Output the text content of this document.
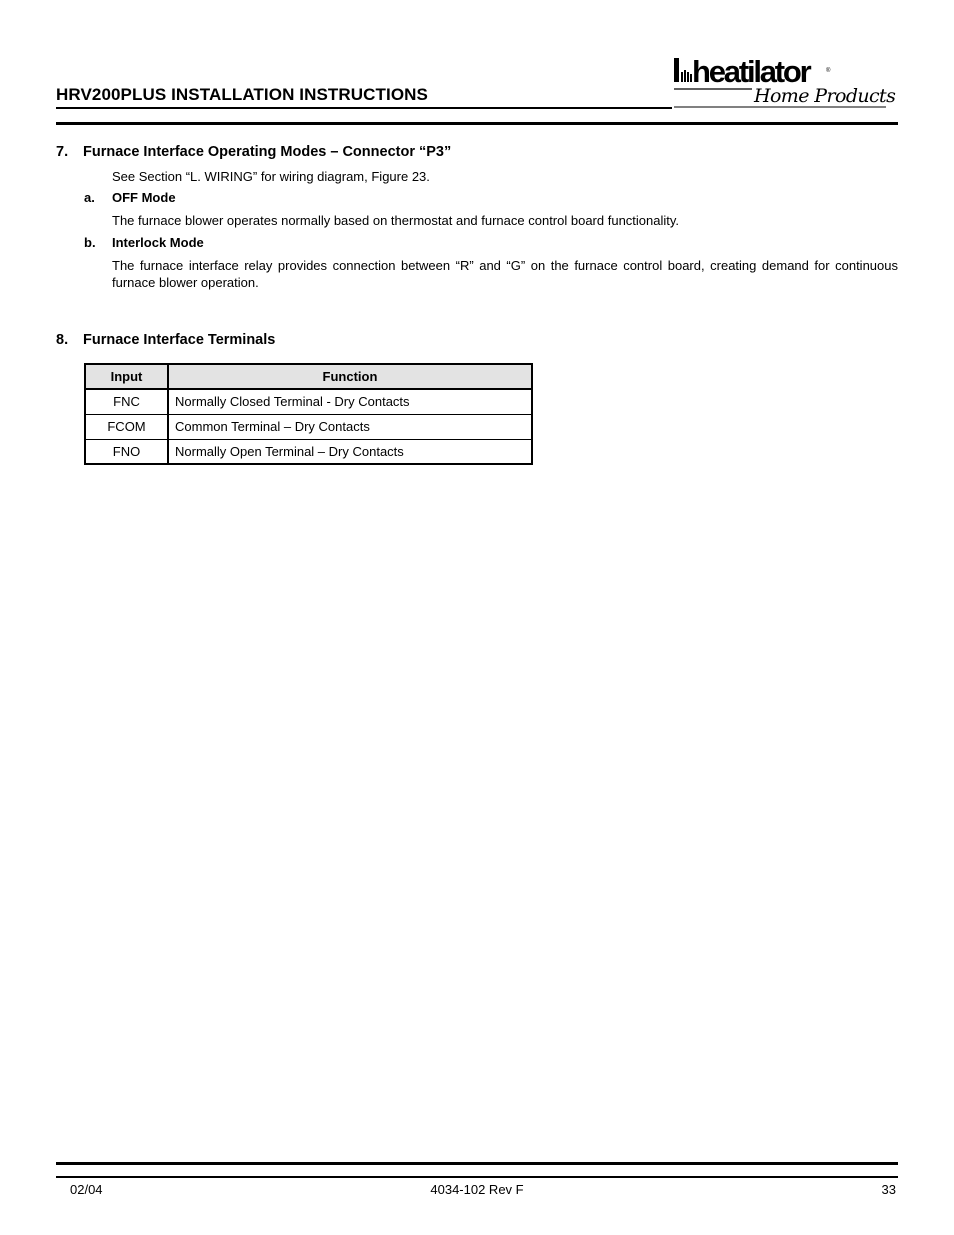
HRV200PLUS INSTALLATION INSTRUCTIONS
heatilator	®
Home Products
7. Furnace Interface Operating Modes – Connector “P3”
See Section “L. WIRING” for wiring diagram, Figure 23.
a. OFF Mode
The furnace blower operates normally based on thermostat and furnace control board functionality.
b. Interlock Mode
The furnace interface relay provides connection between “R” and “G” on the furnace control board, creating demand for continuous furnace blower operation.
8. Furnace Interface Terminals
Input	Function
FNC	Normally Closed Terminal - Dry Contacts
FCOM	Common Terminal – Dry Contacts
FNO	Normally Open Terminal – Dry Contacts
02/04	4034-102 Rev F	33
